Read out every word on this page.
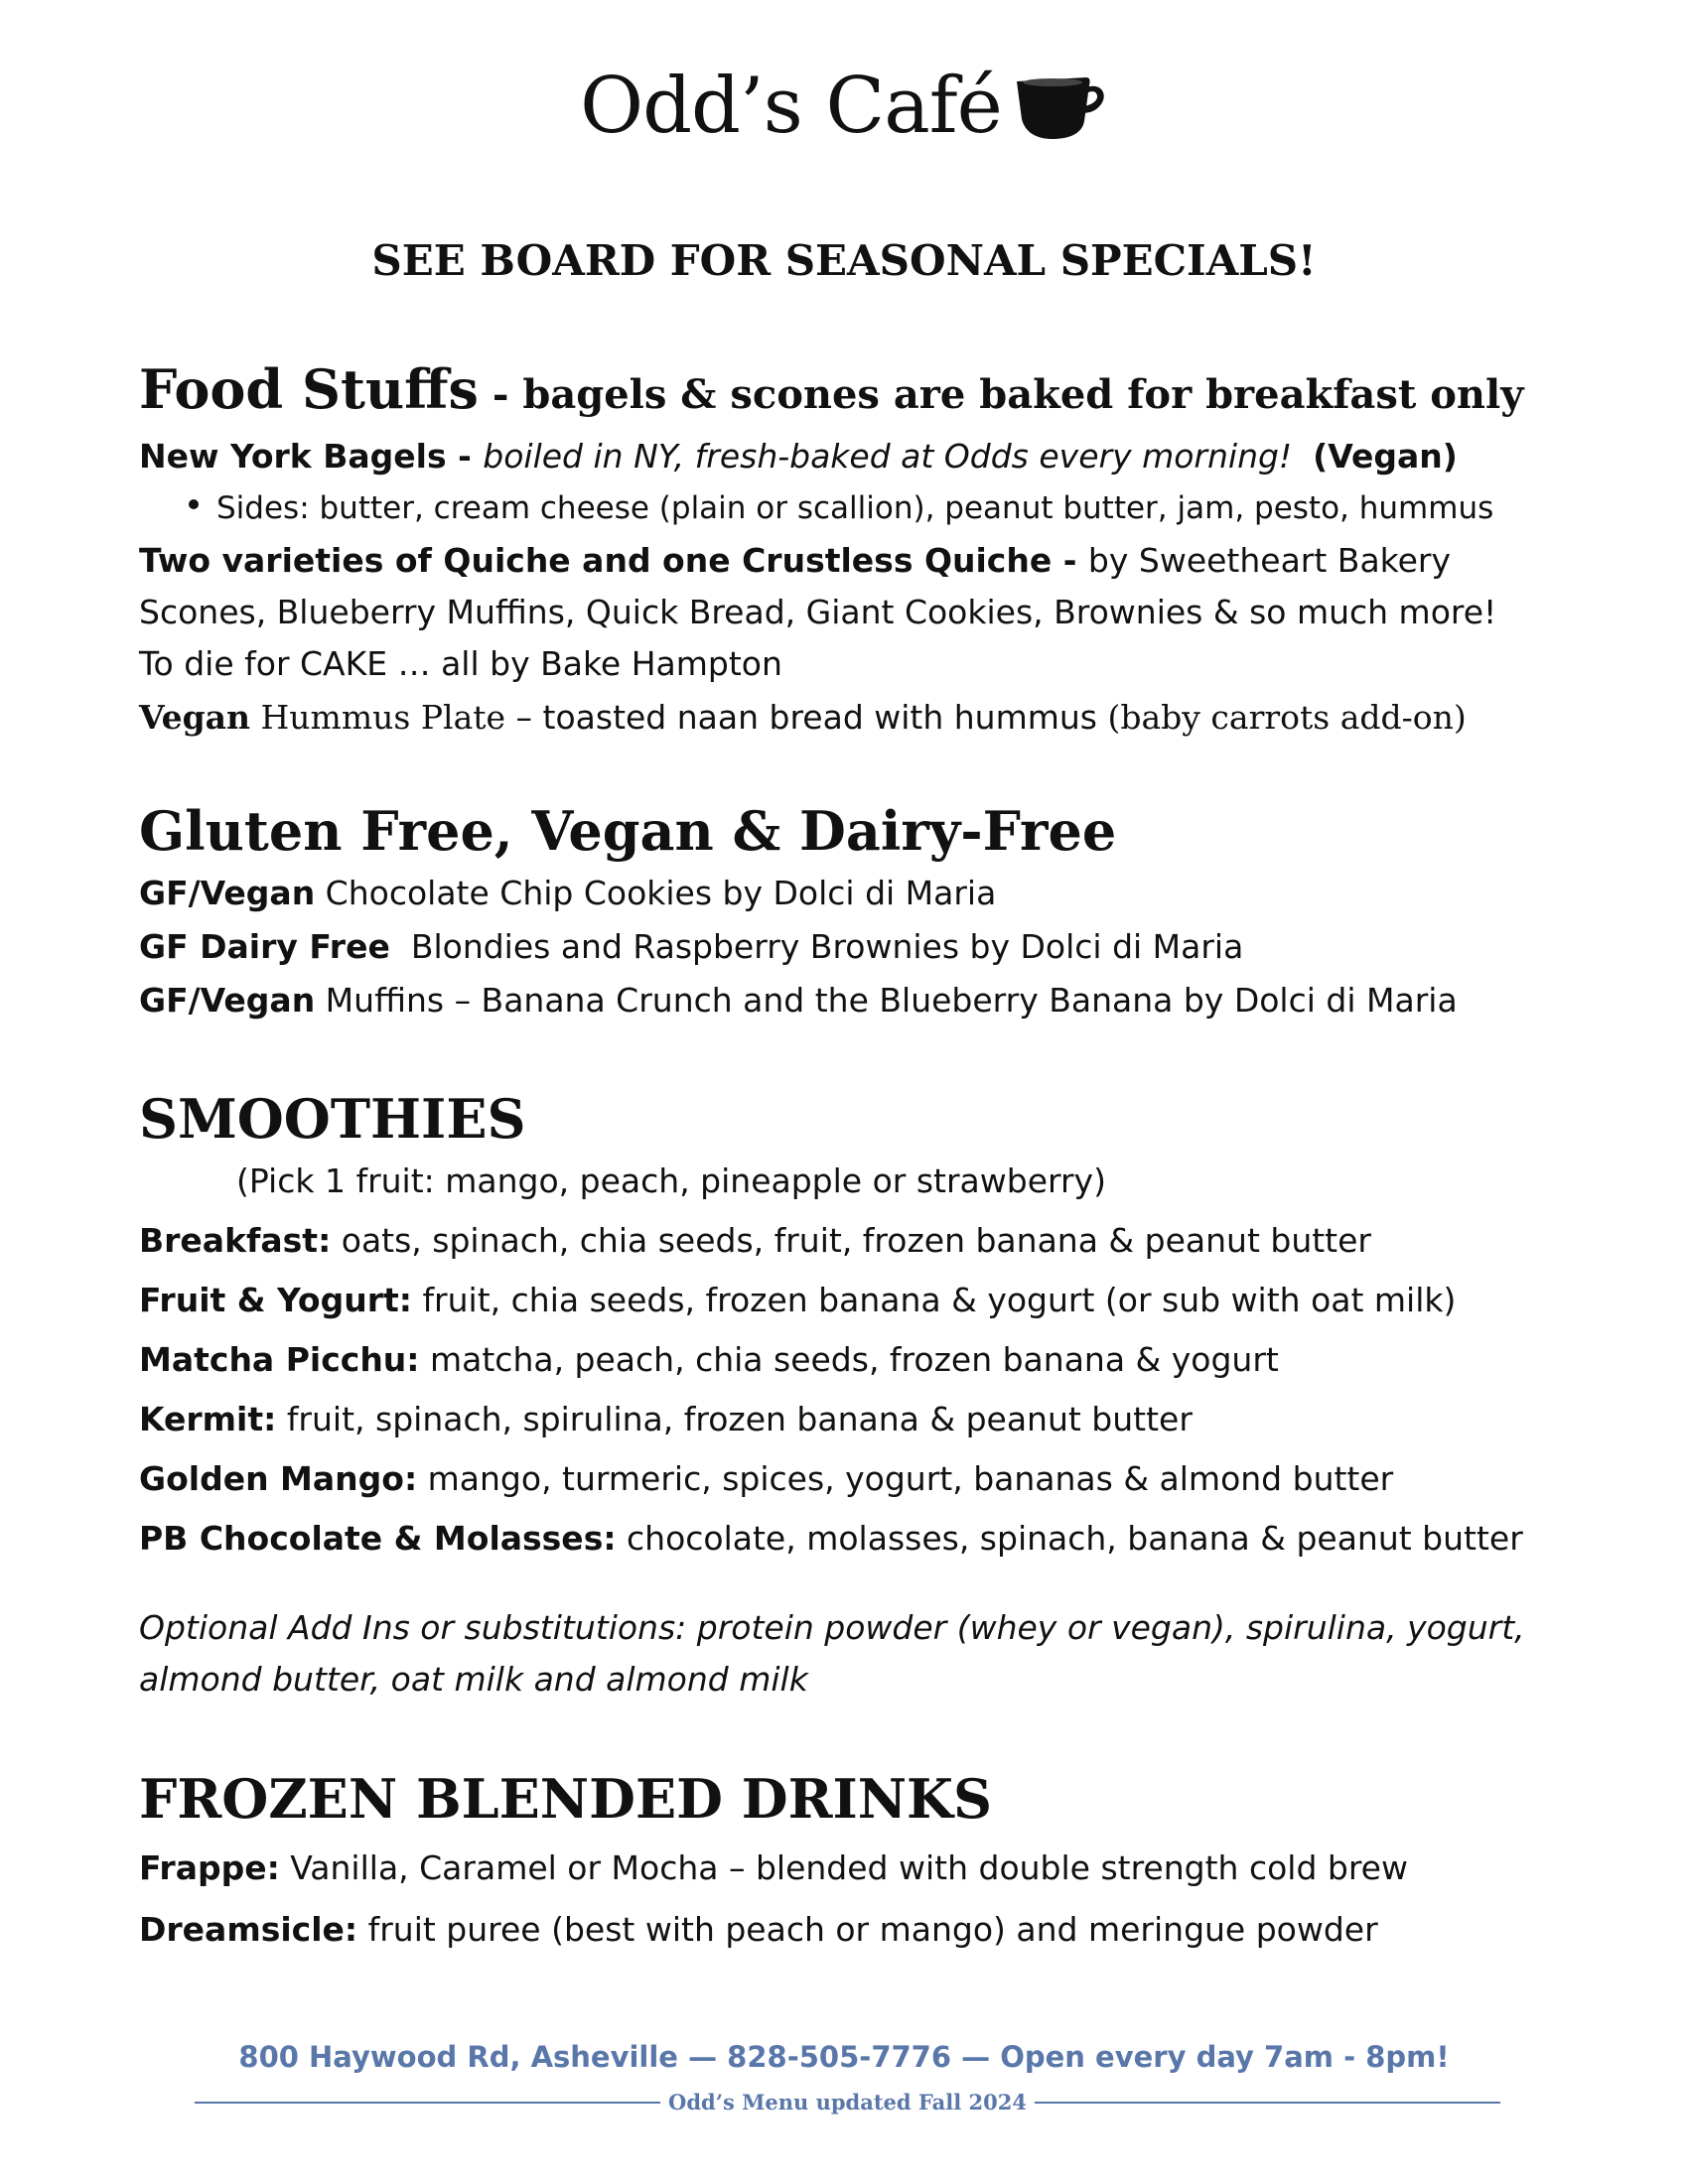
Odd’s Café
SEE BOARD FOR SEASONAL SPECIALS!
Food Stuffs - bagels & scones are baked for breakfast only
New York Bagels - boiled in NY, fresh-baked at Odds every morning! (Vegan)
Sides: butter, cream cheese (plain or scallion), peanut butter, jam, pesto, hummus
Two varieties of Quiche and one Crustless Quiche - by Sweetheart Bakery
Scones, Blueberry Muffins, Quick Bread, Giant Cookies, Brownies & so much more!
To die for CAKE … all by Bake Hampton
Vegan Hummus Plate – toasted naan bread with hummus (baby carrots add-on)
Gluten Free, Vegan & Dairy-Free
GF/Vegan Chocolate Chip Cookies by Dolci di Maria
GF Dairy Free  Blondies and Raspberry Brownies by Dolci di Maria
GF/Vegan Muffins – Banana Crunch and the Blueberry Banana by Dolci di Maria
SMOOTHIES
(Pick 1 fruit: mango, peach, pineapple or strawberry)
Breakfast: oats, spinach, chia seeds, fruit, frozen banana & peanut butter
Fruit & Yogurt: fruit, chia seeds, frozen banana & yogurt (or sub with oat milk)
Matcha Picchu: matcha, peach, chia seeds, frozen banana & yogurt
Kermit: fruit, spinach, spirulina, frozen banana & peanut butter
Golden Mango: mango, turmeric, spices, yogurt, bananas & almond butter
PB Chocolate & Molasses: chocolate, molasses, spinach, banana & peanut butter
Optional Add Ins or substitutions: protein powder (whey or vegan), spirulina, yogurt, almond butter, oat milk and almond milk
FROZEN BLENDED DRINKS
Frappe: Vanilla, Caramel or Mocha – blended with double strength cold brew
Dreamsicle: fruit puree (best with peach or mango) and meringue powder
800 Haywood Rd, Asheville — 828-505-7776 — Open every day 7am - 8pm!
Odd’s Menu updated Fall 2024
